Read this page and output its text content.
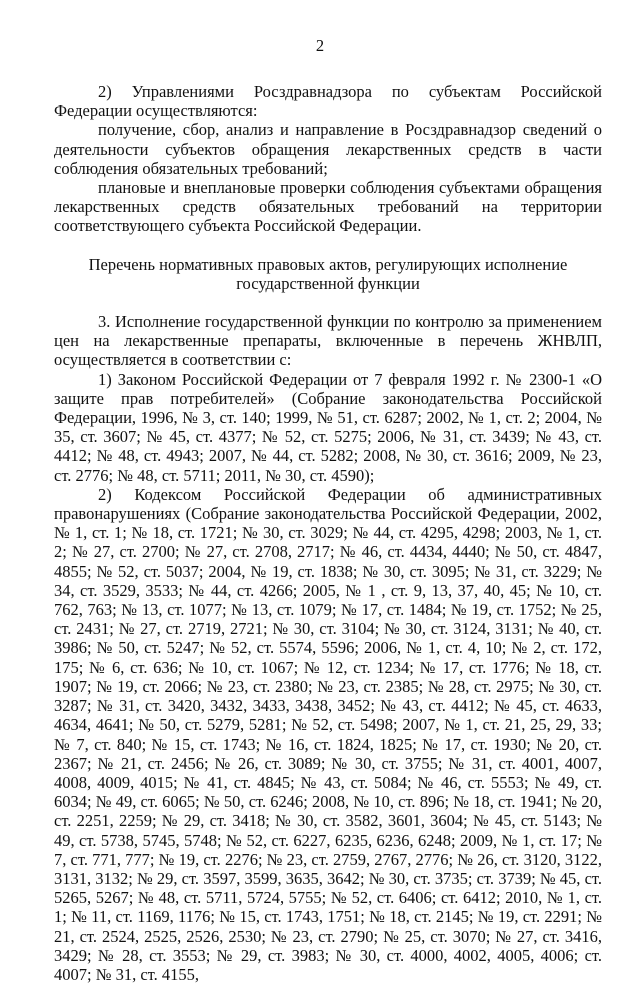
2

2) Управлениями Росздравнадзора по субъектам Российской Федерации осуществляются:

получение, сбор, анализ и направление в Росздравнадзор сведений о деятельности субъектов обращения лекарственных средств в части соблюдения обязательных требований;

плановые и внеплановые проверки соблюдения субъектами обращения лекарственных средств обязательных требований на территории соответствующего субъекта Российской Федерации.

Перечень нормативных правовых актов, регулирующих исполнение государственной функции

3. Исполнение государственной функции по контролю за применением цен на лекарственные препараты, включенные в перечень ЖНВЛП, осуществляется в соответствии с:

1) Законом Российской Федерации от 7 февраля 1992 г. № 2300-1 «О защите прав потребителей» (Собрание законодательства Российской Федерации, 1996, № 3, ст. 140; 1999, № 51, ст. 6287; 2002, № 1, ст. 2; 2004, № 35, ст. 3607; № 45, ст. 4377; № 52, ст. 5275; 2006, № 31, ст. 3439; № 43, ст. 4412; № 48, ст. 4943; 2007, № 44, ст. 5282; 2008, № 30, ст. 3616; 2009, № 23, ст. 2776; № 48, ст. 5711; 2011, № 30, ст. 4590);

2) Кодексом Российской Федерации об административных правонарушениях (Собрание законодательства Российской Федерации, 2002, № 1, ст. 1; № 18, ст. 1721; № 30, ст. 3029; № 44, ст. 4295, 4298; 2003, № 1, ст. 2; № 27, ст. 2700; № 27, ст. 2708, 2717; № 46, ст. 4434, 4440; № 50, ст. 4847, 4855; № 52, ст. 5037; 2004, № 19, ст. 1838; № 30, ст. 3095; № 31, ст. 3229; № 34, ст. 3529, 3533; № 44, ст. 4266; 2005, № 1 , ст. 9, 13, 37, 40, 45; № 10, ст. 762, 763; № 13, ст. 1077; № 13, ст. 1079; № 17, ст. 1484; № 19, ст. 1752; № 25, ст. 2431; № 27, ст. 2719, 2721; № 30, ст. 3104; № 30, ст. 3124, 3131; № 40, ст. 3986; № 50, ст. 5247; № 52, ст. 5574, 5596; 2006, № 1, ст. 4, 10; № 2, ст. 172, 175; № 6, ст. 636; № 10, ст. 1067; № 12, ст. 1234; № 17, ст. 1776; № 18, ст. 1907; № 19, ст. 2066; № 23, ст. 2380; № 23, ст. 2385; № 28, ст. 2975; № 30, ст. 3287; № 31, ст. 3420, 3432, 3433, 3438, 3452; № 43, ст. 4412; № 45, ст. 4633, 4634, 4641; № 50, ст. 5279, 5281; № 52, ст. 5498; 2007, № 1, ст. 21, 25, 29, 33; № 7, ст. 840; № 15, ст. 1743; № 16, ст. 1824, 1825; № 17, ст. 1930; № 20, ст. 2367; № 21, ст. 2456; № 26, ст. 3089; № 30, ст. 3755; № 31, ст. 4001, 4007, 4008, 4009, 4015; № 41, ст. 4845; № 43, ст. 5084; № 46, ст. 5553; № 49, ст. 6034; № 49, ст. 6065; № 50, ст. 6246; 2008, № 10, ст. 896; № 18, ст. 1941; № 20, ст. 2251, 2259; № 29, ст. 3418; № 30, ст. 3582, 3601, 3604; № 45, ст. 5143; № 49, ст. 5738, 5745, 5748; № 52, ст. 6227, 6235, 6236, 6248; 2009, № 1, ст. 17; № 7, ст. 771, 777; № 19, ст. 2276; № 23, ст. 2759, 2767, 2776; № 26, ст. 3120, 3122, 3131, 3132; № 29, ст. 3597, 3599, 3635, 3642; № 30, ст. 3735; ст. 3739; № 45, ст. 5265, 5267; № 48, ст. 5711, 5724, 5755; № 52, ст. 6406; ст. 6412; 2010, № 1, ст. 1; № 11, ст. 1169, 1176; № 15, ст. 1743, 1751; № 18, ст. 2145; № 19, ст. 2291; № 21, ст. 2524, 2525, 2526, 2530; № 23, ст. 2790; № 25, ст. 3070; № 27, ст. 3416, 3429; № 28, ст. 3553; № 29, ст. 3983; № 30, ст. 4000, 4002, 4005, 4006; ст. 4007; № 31, ст. 4155,
